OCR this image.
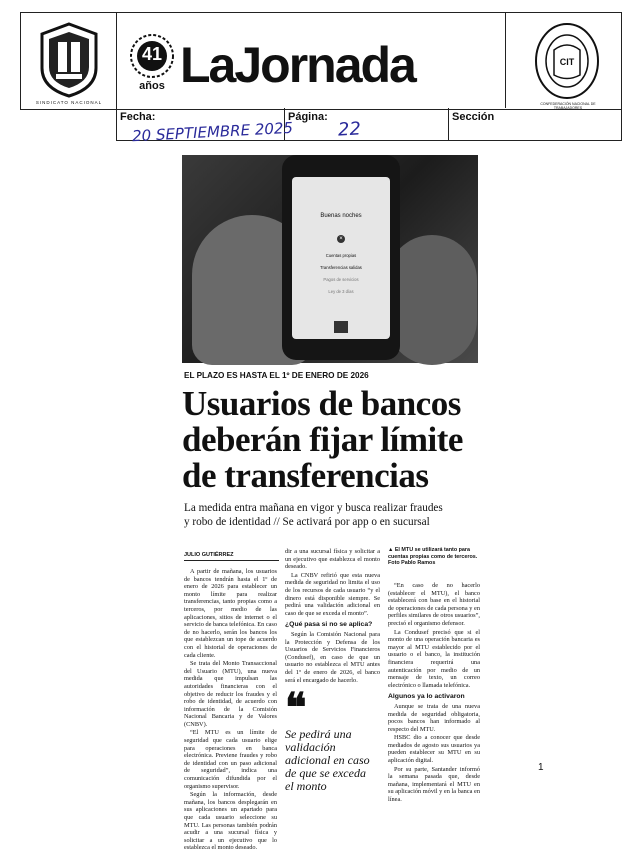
SINDICATO NACIONAL
41
años LaJornada	CIT
CONFEDERACIÓN NACIONAL DE TRABAJADORES
Fecha:
20 SEPTIEMBRE 2025
Página:
22
Sección
Buenas noches
×
Cuentas propias
Transferencias salidas
Pagos de servicios
Ley de 3 días
EL PLAZO ES HASTA EL 1º DE ENERO DE 2026
Usuarios de bancos
deberán fijar límite
de transferencias
La medida entra mañana en vigor y busca realizar fraudes
y robo de identidad // Se activará por app o en sucursal
JULIO GUTIÉRREZ

A partir de mañana, los usuarios de bancos tendrán hasta el 1º de enero de 2026 para establecer un monto límite para realizar transferencias, tanto propias como a terceros, por medio de las aplicaciones, sitios de internet o el servicio de banca telefónica. En caso de no hacerlo, serán los bancos los que establezcan un tope de acuerdo con el historial de operaciones de cada cliente.

Se trata del Monto Transaccional del Usuario (MTU), una nueva medida que impulsan las autoridades financieras con el objetivo de reducir los fraudes y el robo de identidad, de acuerdo con información de la Comisión Nacional Bancaria y de Valores (CNBV).

“El MTU es un límite de seguridad que cada usuario elige para operaciones en banca electrónica. Previene fraudes y robo de identidad con un paso adicional de seguridad”, indica una comunicación difundida por el organismo supervisor.

Según la información, desde mañana, los bancos desplegarán en sus aplicaciones un apartado para que cada usuario seleccione su MTU. Las personas también podrán acudir a una sucursal física y solicitar a un ejecutivo que lo establezca el monto deseado.

dir a una sucursal física y solicitar a un ejecutivo que establezca el monto deseado.

La CNBV refirió que esta nueva medida de seguridad no limita el uso de los recursos de cada usuario “y el dinero está disponible siempre. Se pedirá una validación adicional en caso de que se exceda el monto”.

¿Qué pasa si no se aplica?

Según la Comisión Nacional para la Protección y Defensa de los Usuarios de Servicios Financieros (Condusef), en caso de que un usuario no establezca el MTU antes del 1º de enero de 2026, el banco será el encargado de hacerlo.

❝
Se pedirá una
validación
adicional en caso
de que se exceda
el monto
▲ El MTU se utilizará tanto para cuentas propias como de terceros. Foto Pablo Ramos

“En caso de no hacerlo (establecer el MTU), el banco establecerá con base en el historial de operaciones de cada persona y en perfiles similares de otros usuarios”, precisó el organismo defensor.

La Condusef precisó que si el monto de una operación bancaria es mayor al MTU establecido por el usuario o el banco, la institución financiera requerirá una autenticación por medio de un mensaje de texto, un correo electrónico o llamada telefónica.

Algunos ya lo activaron

Aunque se trata de una nueva medida de seguridad obligatoria, pocos bancos han informado al respecto del MTU.

HSBC dio a conocer que desde mediados de agosto sus usuarios ya pueden establecer su MTU en su aplicación digital.

Por su parte, Santander informó la semana pasada que, desde mañana, implementará el MTU en su aplicación móvil y en la banca en línea.

1
